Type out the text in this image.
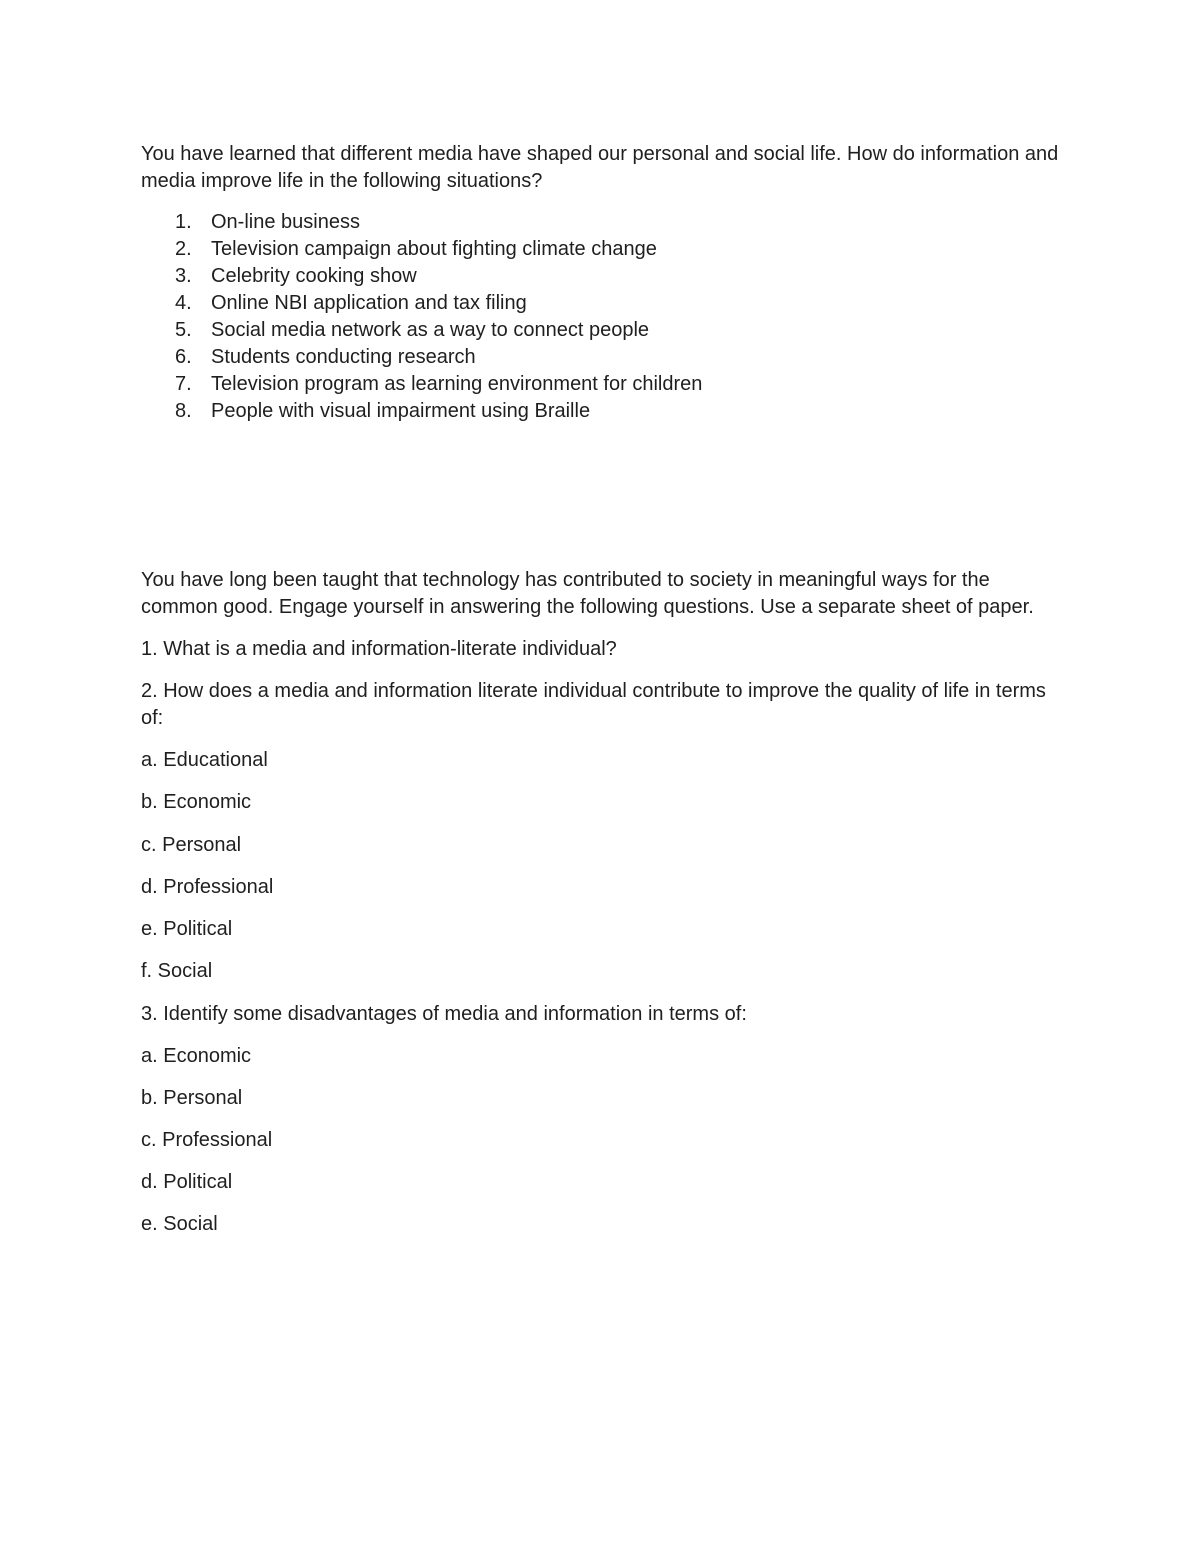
You have learned that different media have shaped our personal and social life. How do information and media improve life in the following situations?

1. On-line business
2. Television campaign about fighting climate change
3. Celebrity cooking show
4. Online NBI application and tax filing
5. Social media network as a way to connect people
6. Students conducting research
7. Television program as learning environment for children
8. People with visual impairment using Braille

You have long been taught that technology has contributed to society in meaningful ways for the common good. Engage yourself in answering the following questions. Use a separate sheet of paper.

1. What is a media and information-literate individual?

2. How does a media and information literate individual contribute to improve the quality of life in terms of:

a. Educational

b. Economic

c. Personal

d. Professional

e. Political

f. Social

3. Identify some disadvantages of media and information in terms of:

a. Economic

b. Personal

c. Professional

d. Political

e. Social
